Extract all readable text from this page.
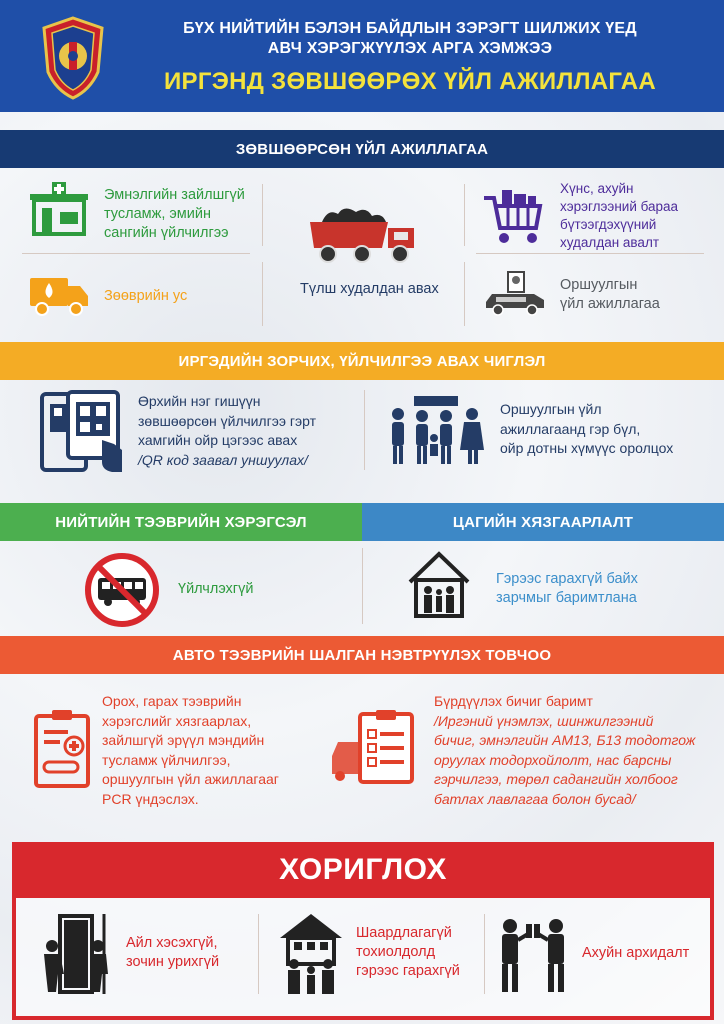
БҮХ НИЙТИЙН БЭЛЭН БАЙДЛЫН ЗЭРЭГТ ШИЛЖИХ ҮЕД
АВЧ ХЭРЭГЖҮҮЛЭХ АРГА ХЭМЖЭЭ
ИРГЭНД ЗӨВШӨӨРӨХ ҮЙЛ АЖИЛЛАГАА
ЗӨВШӨӨРСӨН ҮЙЛ АЖИЛЛАГАА
Эмнэлгийн зайлшгүй
тусламж, эмийн
сангийн үйлчилгээ
Зөөврийн ус	Түлш худалдан авах
Хүнс, ахуйн
хэрэглээний бараа
бүтээгдэхүүний
худалдан авалт
Оршуулгын
үйл ажиллагаа
ИРГЭДИЙН ЗОРЧИХ, ҮЙЛЧИЛГЭЭ АВАХ ЧИГЛЭЛ
Өрхийн нэг гишүүн
зөвшөөрсөн үйлчилгээ гэрт
хамгийн ойр цэгээс авах
/QR код заавал уншуулах/
Оршуулгын үйл
ажиллагаанд гэр бүл,
ойр дотны хүмүүс оролцох
НИЙТИЙН ТЭЭВРИЙН ХЭРЭГСЭЛ	ЦАГИЙН ХЯЗГААРЛАЛТ
Үйлчлэхгүй
Гэрээс гарахгүй байх
зарчмыг баримтлана
АВТО ТЭЭВРИЙН ШАЛГАН НЭВТРҮҮЛЭХ ТОВЧОО
Орох, гарах тээврийн
хэрэгслийг хязгаарлах,
зайлшгүй эрүүл мэндийн
тусламж үйлчилгээ,
оршуулгын үйл ажиллагааг
PCR үндэслэх.
Бүрдүүлэх бичиг баримт
/Иргэний үнэмлэх, шинжилгээний
бичиг, эмнэлгийн АМ13, Б13 тодотгож
оруулах тодорхойлолт, нас барсны
гэрчилгээ, төрөл садангийн холбоог
батлах лавлагаа болон бусад/
ХОРИГЛОХ
Айл хэсэхгүй,
зочин урихгүй
Шаардлагагүй
тохиолдолд
гэрээс гарахгүй
Ахуйн архидалт
